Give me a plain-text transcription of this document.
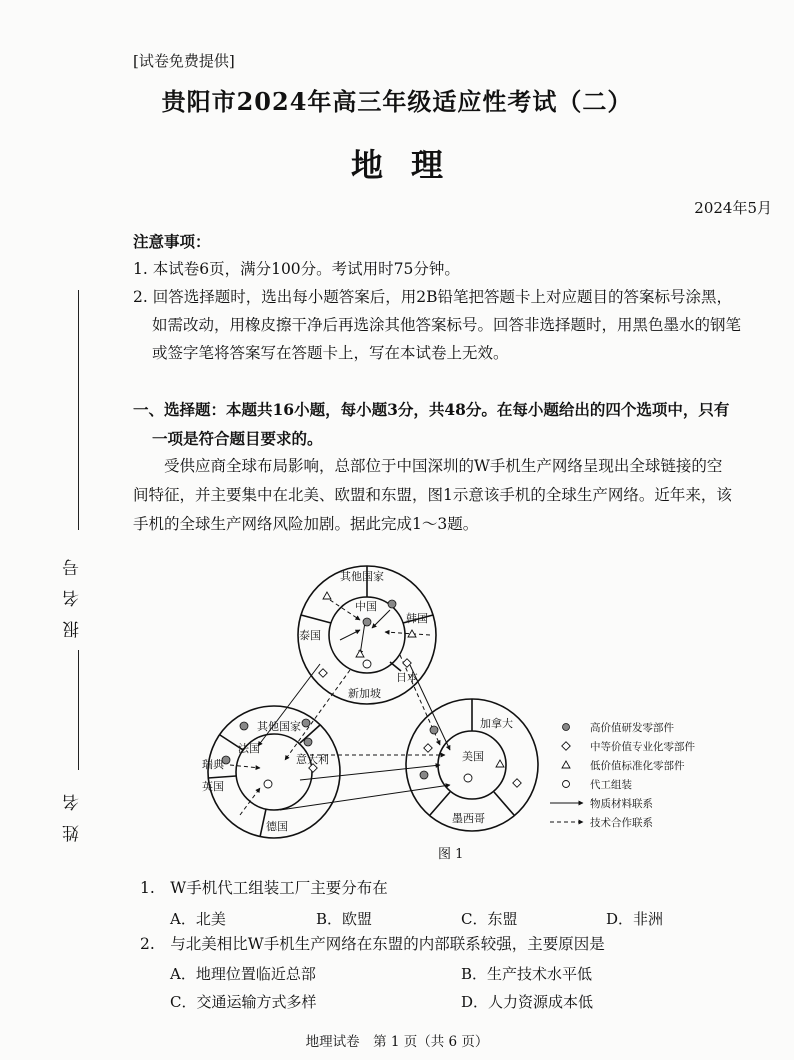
[试卷免费提供]
贵阳市2024年高三年级适应性考试（二）
地理
2024年5月
注意事项：
1. 本试卷6页，满分100分。考试用时75分钟。
2. 回答选择题时，选出每小题答案后，用2B铅笔把答题卡上对应题目的答案标号涂黑，
如需改动，用橡皮擦干净后再选涂其他答案标号。回答非选择题时，用黑色墨水的钢笔
或签字笔将答案写在答题卡上，写在本试卷上无效。
一、选择题：本题共16小题，每小题3分，共48分。在每小题给出的四个选项中，只有
一项是符合题目要求的。
受供应商全球布局影响，总部位于中国深圳的W手机生产网络呈现出全球链接的空
间特征，并主要集中在北美、欧盟和东盟，图1示意该手机的全球生产网络。近年来，该
手机的全球生产网络风险加剧。据此完成1～3题。
其他国家
韩国
泰国
日本
新加坡
中国
其他国家
瑞典
英国
德国
法国
意大利
加拿大
墨西哥
美国
高价值研发零部件
中等价值专业化零部件
低价值标准化零部件
代工组装
物质材料联系
技术合作联系
图 1
1.　W手机代工组装工厂主要分布在
A．北美	B．欧盟	C．东盟	D．非洲
2.　与北美相比W手机生产网络在东盟的内部联系较强，主要原因是
A．地理位置临近总部	B．生产技术水平低
C．交通运输方式多样	D．人力资源成本低
报名号
姓名
地理试卷　第 1 页（共 6 页）
